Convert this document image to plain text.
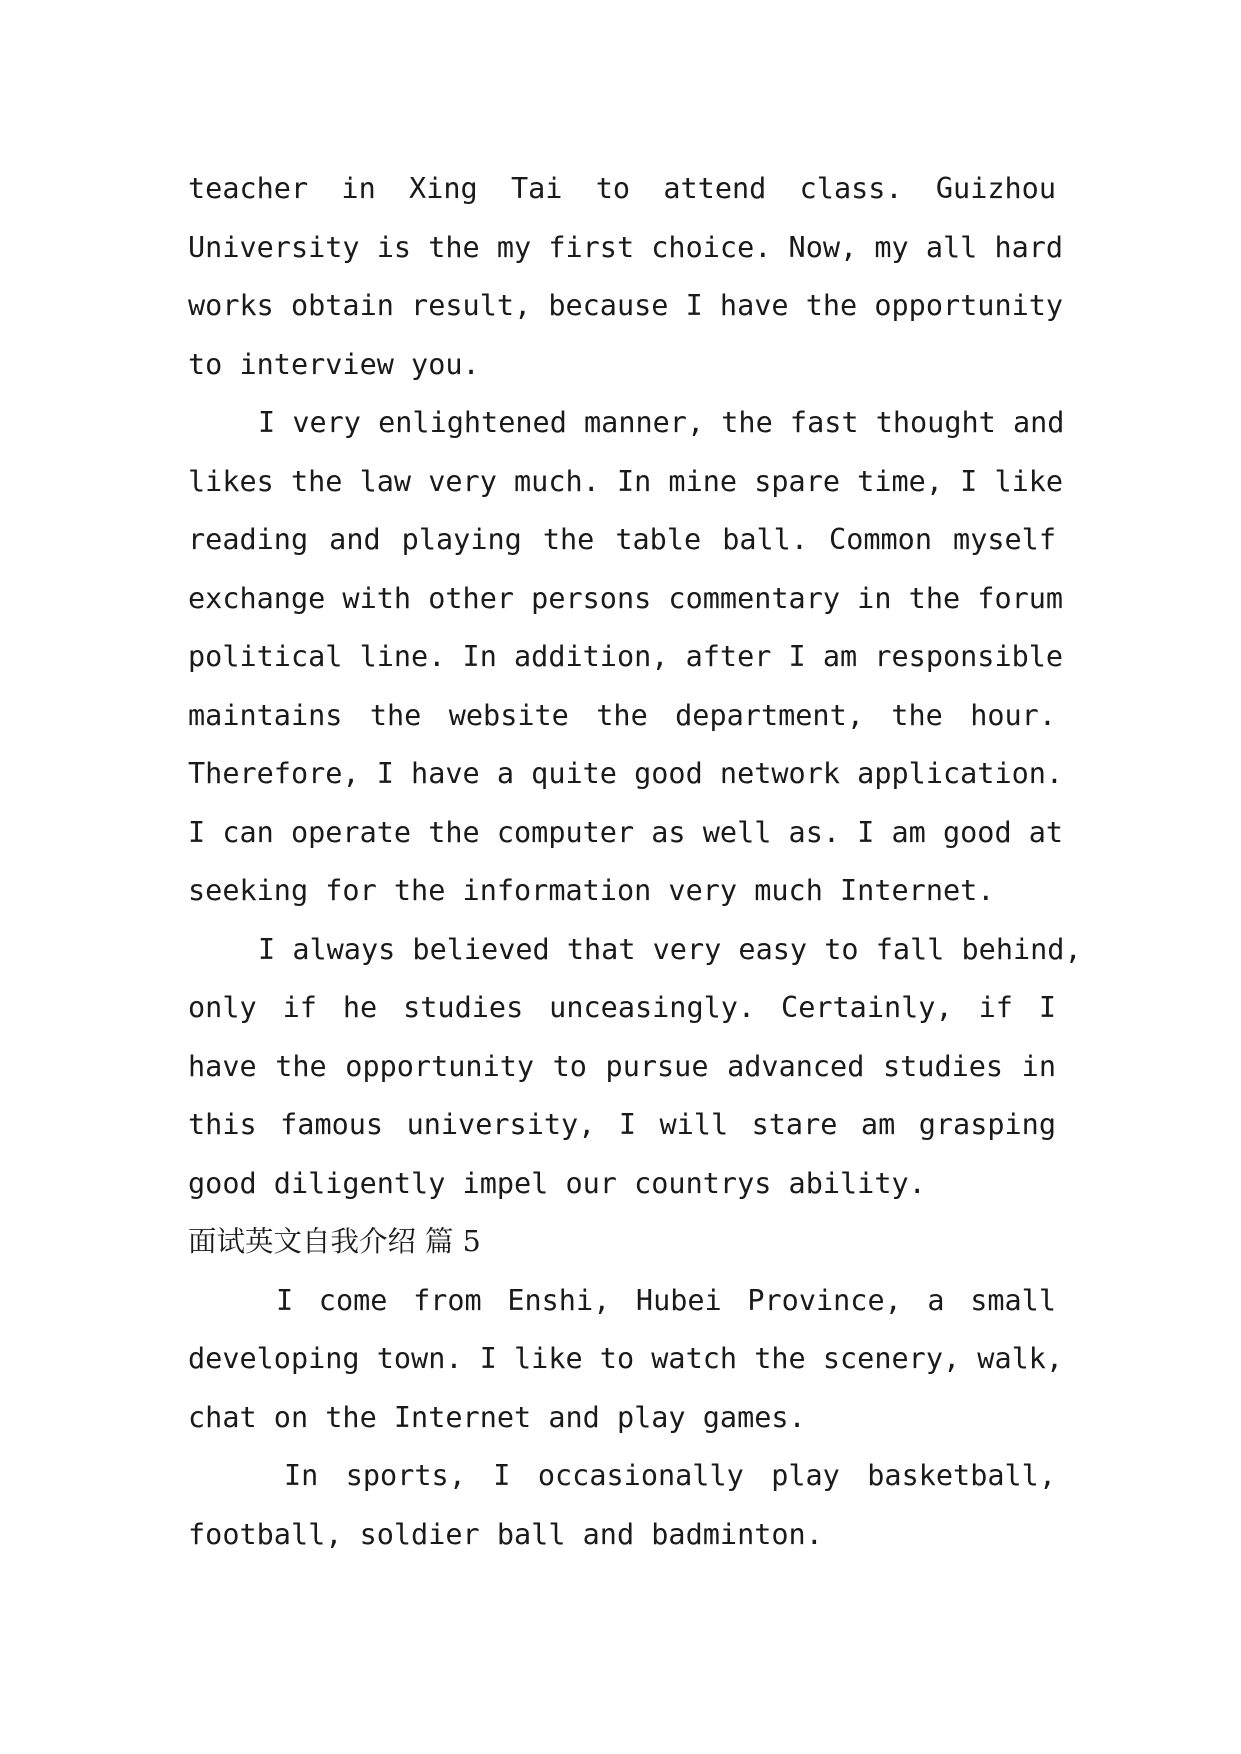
teacher in Xing Tai to attend class. Guizhou
University is the my first choice. Now, my all hard
works obtain result, because I have the opportunity
to interview you.
I very enlightened manner, the fast thought and
likes the law very much. In mine spare time, I like
reading and playing the table ball. Common myself
exchange with other persons commentary in the forum
political line. In addition, after I am responsible
maintains the website the department, the hour.
Therefore, I have a quite good network application.
I can operate the computer as well as. I am good at
seeking for the information very much Internet.
I always believed that very easy to fall behind,
only if he studies unceasingly. Certainly, if I
have the opportunity to pursue advanced studies in
this famous university, I will stare am grasping
good diligently impel our countrys ability.
面试英文自我介绍 篇 5
I come from Enshi, Hubei Province, a small
developing town. I like to watch the scenery, walk,
chat on the Internet and play games.
In sports, I occasionally play basketball,
football, soldier ball and badminton.
